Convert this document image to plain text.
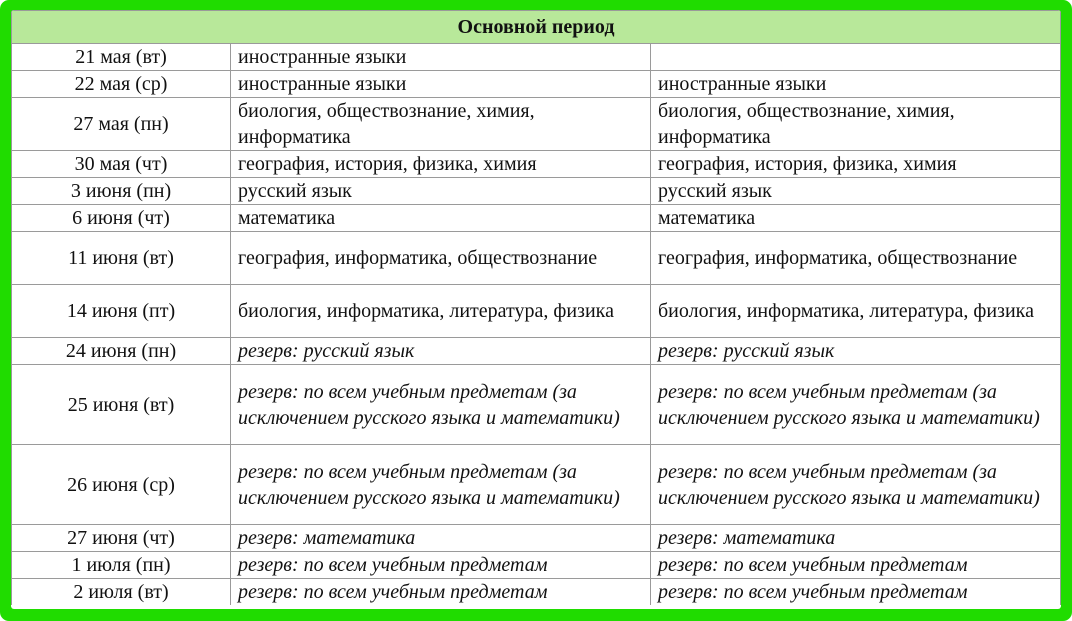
Основной период		
21 мая (вт)	иностранные языки	
22 мая (ср)	иностранные языки	иностранные языки
27 мая (пн)	биология, обществознание, химия, информатика	биология, обществознание, химия, информатика
30 мая (чт)	география, история, физика, химия	география, история, физика, химия
3 июня (пн)	русский язык	русский язык
6 июня (чт)	математика	математика
11 июня (вт)	география, информатика, обществознание	география, информатика, обществознание
14 июня (пт)	биология, информатика, литература, физика	биология, информатика, литература, физика
24 июня (пн)	резерв: русский язык	резерв: русский язык
25 июня (вт)	резерв: по всем учебным предметам (за исключением русского языка и математики)	резерв: по всем учебным предметам (за исключением русского языка и математики)
26 июня (ср)	резерв: по всем учебным предметам (за исключением русского языка и математики)	резерв: по всем учебным предметам (за исключением русского языка и математики)
27 июня (чт)	резерв: математика	резерв: математика
1 июля (пн)	резерв: по всем учебным предметам	резерв: по всем учебным предметам
2 июля (вт)	резерв: по всем учебным предметам	резерв: по всем учебным предметам
